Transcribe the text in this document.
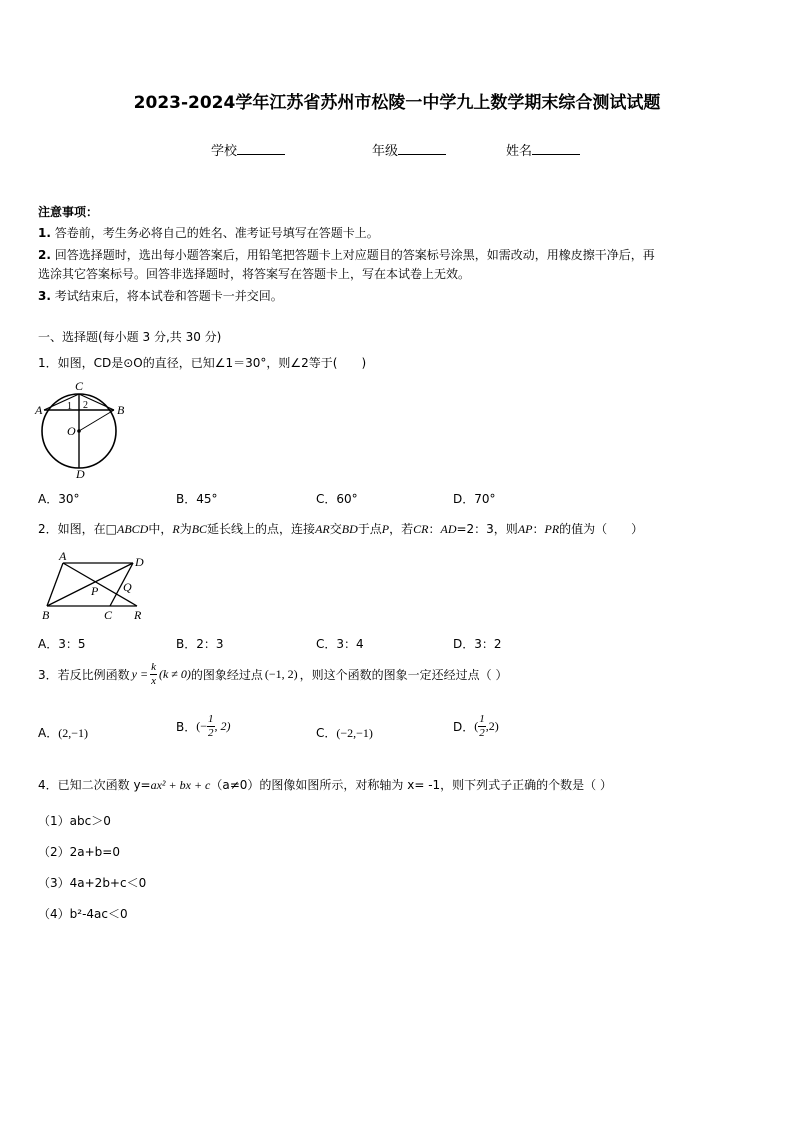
2023-2024学年江苏省苏州市松陵一中学九上数学期末综合测试试题
学校	年级	姓名
注意事项：
1. 答卷前，考生务必将自己的姓名、准考证号填写在答题卡上。
2. 回答选择题时，选出每小题答案后，用铅笔把答题卡上对应题目的答案标号涂黑，如需改动，用橡皮擦干净后，再
选涂其它答案标号。回答非选择题时，将答案写在答题卡上，写在本试卷上无效。
3. 考试结束后，将本试卷和答题卡一并交回。
一、选择题(每小题 3 分,共 30 分)
1．如图，CD是⊙O的直径，已知∠1＝30°，则∠2等于(　　)
A	B
C
D
O
1 2
A．30°	B．45°	C．60°	D．70°
2．如图，在□ABCD中，R为BC延长线上的点，连接AR交BD于点P，若CR：AD=2：3，则AP：PR的值为（　　）
A	D
B	C R
P Q
A．3：5	B．2：3	C．3：4	D．3：2
3．若反比例函数 $y = \frac{k}{x} (k \ne 0)$ 的图象经过点 (−1, 2) ，则这个函数的图象一定还经过点（ ）
A．(2,−1)	B． (− $\frac{1}{2}$ , 2)	C．(−2,−1)	D． ( $\frac{1}{2} ,2$)
4．已知二次函数 y=ax² + bx + c（a≠0）的图像如图所示，对称轴为 x= -1，则下列式子正确的个数是（ ）
（1）abc＞0
（2）2a+b=0
（3）4a+2b+c＜0
（4）b²-4ac＜0
